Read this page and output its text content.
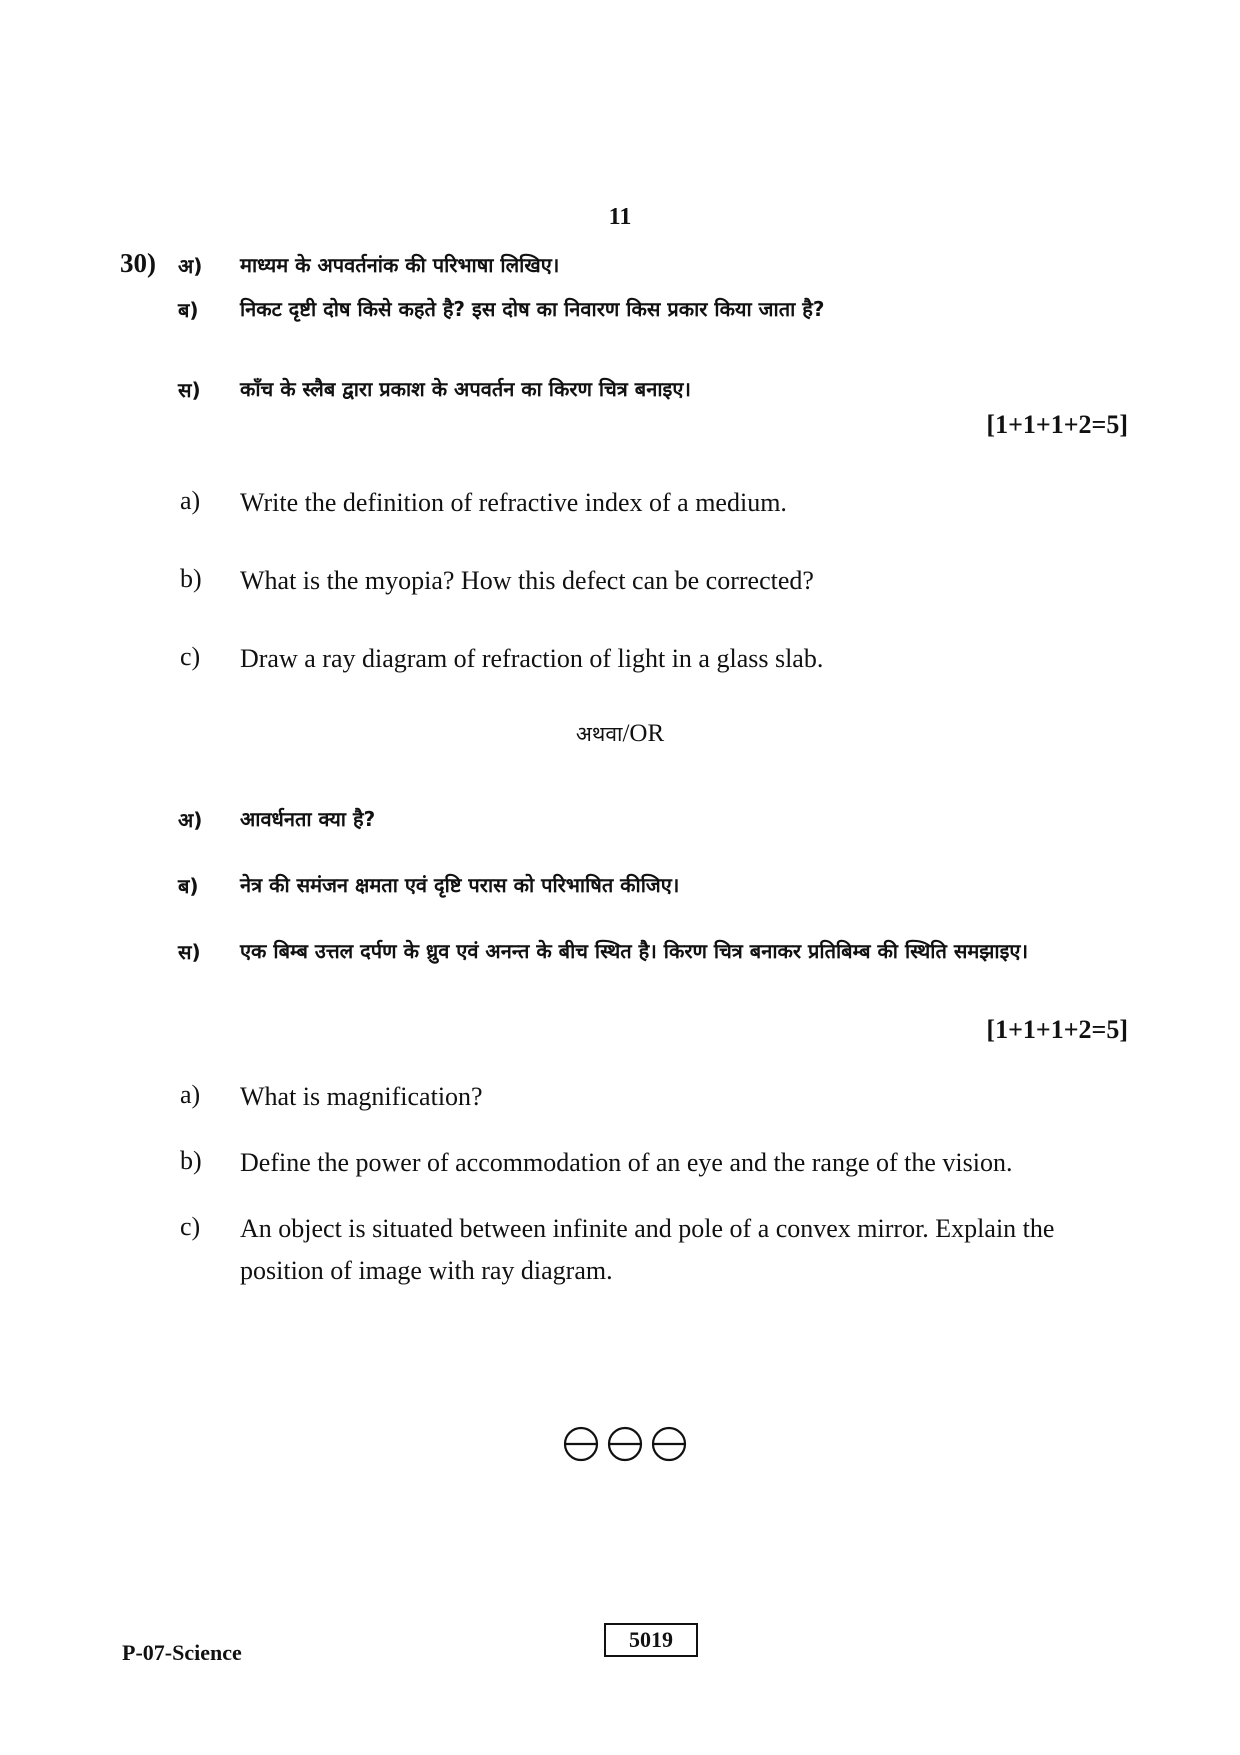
11
30) अ)	माध्यम के अपवर्तनांक की परिभाषा लिखिए।
ब)	निकट दृष्टी दोष किसे कहते है? इस दोष का निवारण किस प्रकार किया जाता है?
स)	काँच के स्लैब द्वारा प्रकाश के अपवर्तन का किरण चित्र बनाइए।
[1+1+1+2=5]
a)	Write the definition of refractive index of a medium.
b)	What is the myopia? How this defect can be corrected?
c)	Draw a ray diagram of refraction of light in a glass slab.
अथवा/OR
अ)	आवर्धनता क्या है?
ब)	नेत्र की समंजन क्षमता एवं दृष्टि परास को परिभाषित कीजिए।
स)	एक बिम्ब उत्तल दर्पण के ध्रुव एवं अनन्त के बीच स्थित है। किरण चित्र बनाकर प्रतिबिम्ब की स्थिति समझाइए।
[1+1+1+2=5]
a)	What is magnification?
b)	Define the power of accommodation of an eye and the range of the vision.
c)	An object is situated between infinite and pole of a convex mirror. Explain the position of image with ray diagram.
P-07-Science
5019
